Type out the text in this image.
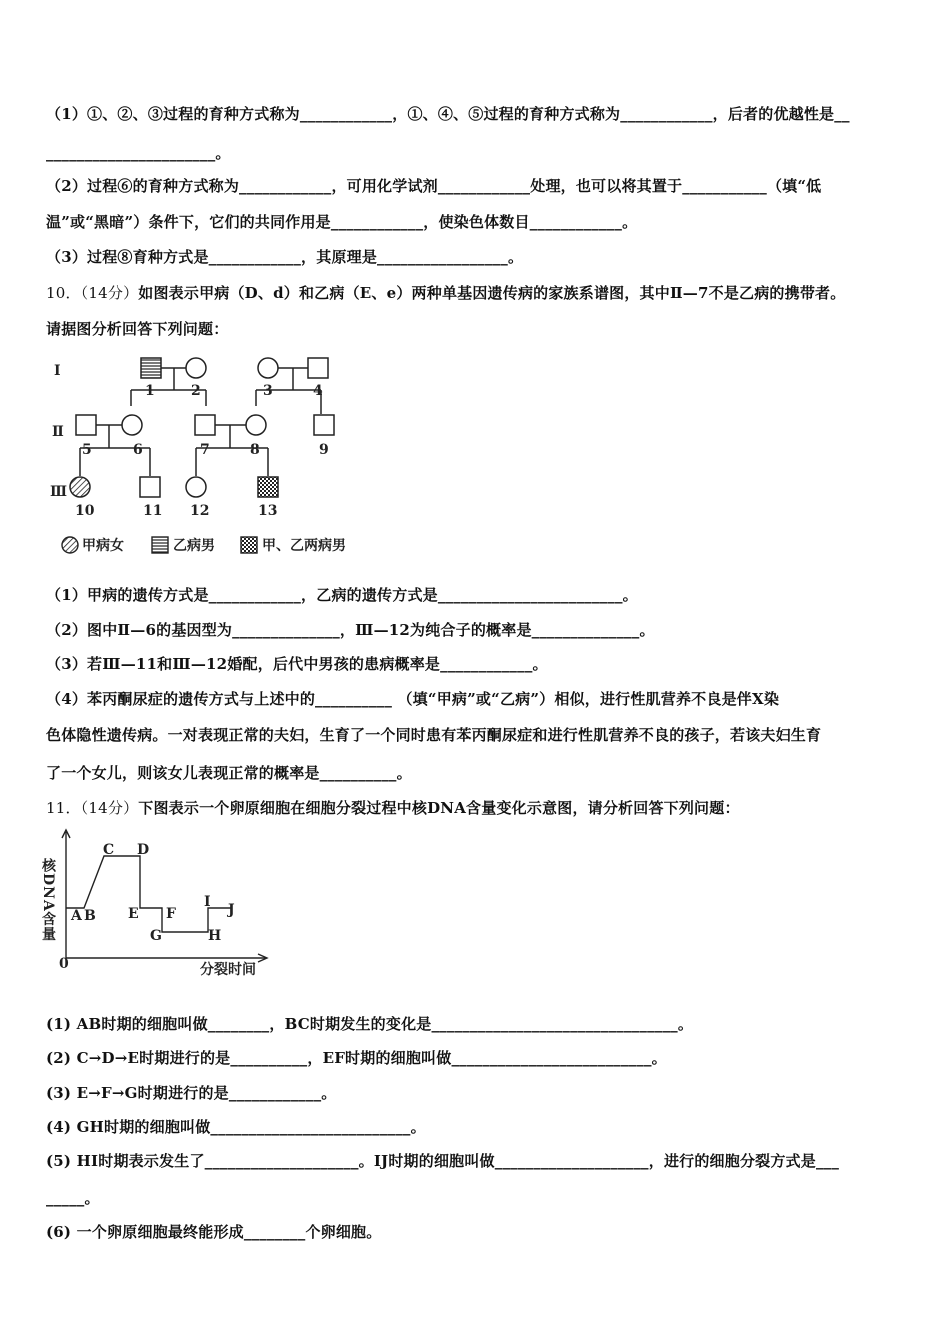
（1）①、②、③过程的育种方式称为____________，①、④、⑤过程的育种方式称为____________，后者的优越性是__
______________________。
（2）过程⑥的育种方式称为____________，可用化学试剂____________处理，也可以将其置于___________（填“低
温”或“黑暗”）条件下，它们的共同作用是____________，使染色体数目____________。
（3）过程⑧育种方式是____________，其原理是_________________。
10．（14分）如图表示甲病（D、d）和乙病（E、e）两种单基因遗传病的家族系谱图，其中Ⅱ—7不是乙病的携带者。
请据图分析回答下列问题：
Ⅰ
Ⅱ
Ⅲ
1	2	3	4
5	6	7	8	9
10	11 12	13
甲病女	乙病男	甲、乙两病男
（1）甲病的遗传方式是____________，乙病的遗传方式是________________________。
（2）图中Ⅱ—6的基因型为______________，Ⅲ—12为纯合子的概率是______________。
（3）若Ⅲ—11和Ⅲ—12婚配，后代中男孩的患病概率是____________。
（4）苯丙酮尿症的遗传方式与上述中的__________ （填“甲病”或“乙病”）相似，进行性肌营养不良是伴X染
色体隐性遗传病。一对表现正常的夫妇，生育了一个同时患有苯丙酮尿症和进行性肌营养不良的孩子，若该夫妇生育
了一个女儿，则该女儿表现正常的概率是__________。
11．（14分）下图表示一个卵原细胞在细胞分裂过程中核DNA含量变化示意图，请分析回答下列问题：
核DNA含量
0	分裂时间
A B
C D
E F
G	H
I J
(1) AB时期的细胞叫做________，BC时期发生的变化是________________________________。
(2) C→D→E时期进行的是__________，EF时期的细胞叫做__________________________。
(3) E→F→G时期进行的是____________。
(4) GH时期的细胞叫做__________________________。
(5) HI时期表示发生了____________________。IJ时期的细胞叫做____________________，进行的细胞分裂方式是___
_____。
(6) 一个卵原细胞最终能形成________个卵细胞。
